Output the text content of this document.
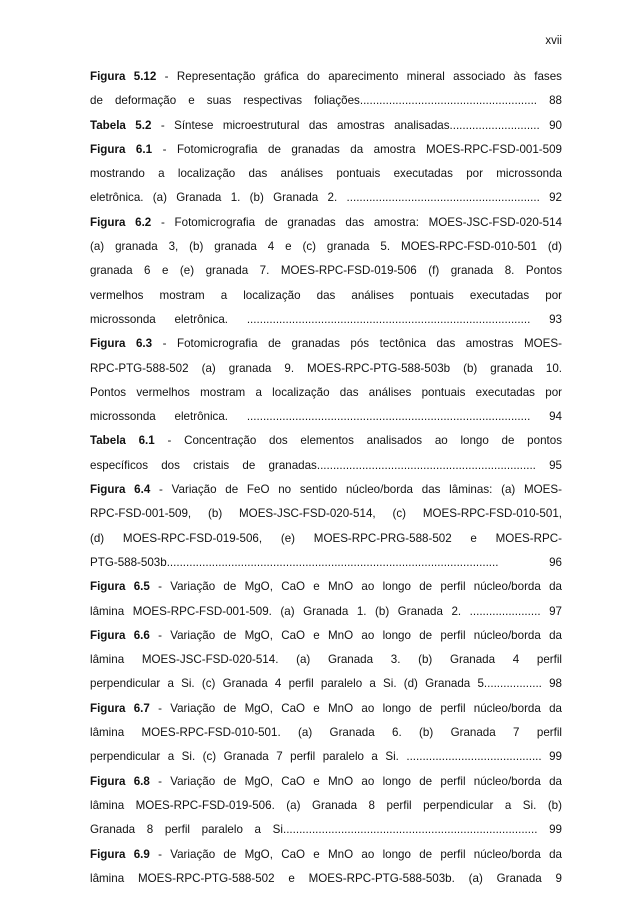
xvii

Figura 5.12 - Representação gráfica do aparecimento mineral associado às fases

de deformação e suas respectivas foliações....................................................... 88

Tabela 5.2 - Síntese microestrutural das amostras analisadas............................ 90

Figura 6.1 - Fotomicrografia de granadas da amostra MOES-RPC-FSD-001-509

mostrando a localização das análises pontuais executadas por microssonda

eletrônica. (a) Granada 1. (b) Granada 2. ............................................................ 92

Figura 6.2 - Fotomicrografia de granadas das amostra: MOES-JSC-FSD-020-514

(a) granada 3, (b) granada 4 e (c) granada 5. MOES-RPC-FSD-010-501 (d)

granada 6 e (e) granada 7. MOES-RPC-FSD-019-506 (f) granada 8. Pontos

vermelhos mostram a localização das análises pontuais executadas por

microssonda eletrônica. ........................................................................................ 93

Figura 6.3 - Fotomicrografia de granadas pós tectônica das amostras MOES-

RPC-PTG-588-502 (a) granada 9. MOES-RPC-PTG-588-503b (b) granada 10.

Pontos vermelhos mostram a localização das análises pontuais executadas por

microssonda eletrônica. ........................................................................................ 94

Tabela 6.1 - Concentração dos elementos analisados ao longo de pontos

específicos dos cristais de granadas.................................................................... 95

Figura 6.4 - Variação de FeO no sentido núcleo/borda das lâminas: (a) MOES-

RPC-FSD-001-509, (b) MOES-JSC-FSD-020-514, (c) MOES-RPC-FSD-010-501,

(d) MOES-RPC-FSD-019-506, (e) MOES-RPC-PRG-588-502 e MOES-RPC-

PTG-588-503b....................................................................................................... 96

Figura 6.5 - Variação de MgO, CaO e MnO ao longo de perfil núcleo/borda da

lâmina MOES-RPC-FSD-001-509. (a) Granada 1. (b) Granada 2. ...................... 97

Figura 6.6 - Variação de MgO, CaO e MnO ao longo de perfil núcleo/borda da

lâmina MOES-JSC-FSD-020-514. (a) Granada 3. (b) Granada 4 perfil

perpendicular a Si. (c) Granada 4 perfil paralelo a Si. (d) Granada 5.................. 98

Figura 6.7 - Variação de MgO, CaO e MnO ao longo de perfil núcleo/borda da

lâmina MOES-RPC-FSD-010-501. (a) Granada 6. (b) Granada 7 perfil

perpendicular a Si. (c) Granada 7 perfil paralelo a Si. .......................................... 99

Figura 6.8 - Variação de MgO, CaO e MnO ao longo de perfil núcleo/borda da

lâmina MOES-RPC-FSD-019-506. (a) Granada 8 perfil perpendicular a Si. (b)

Granada 8 perfil paralelo a Si............................................................................... 99

Figura 6.9 - Variação de MgO, CaO e MnO ao longo de perfil núcleo/borda da

lâmina MOES-RPC-PTG-588-502 e MOES-RPC-PTG-588-503b. (a) Granada 9
